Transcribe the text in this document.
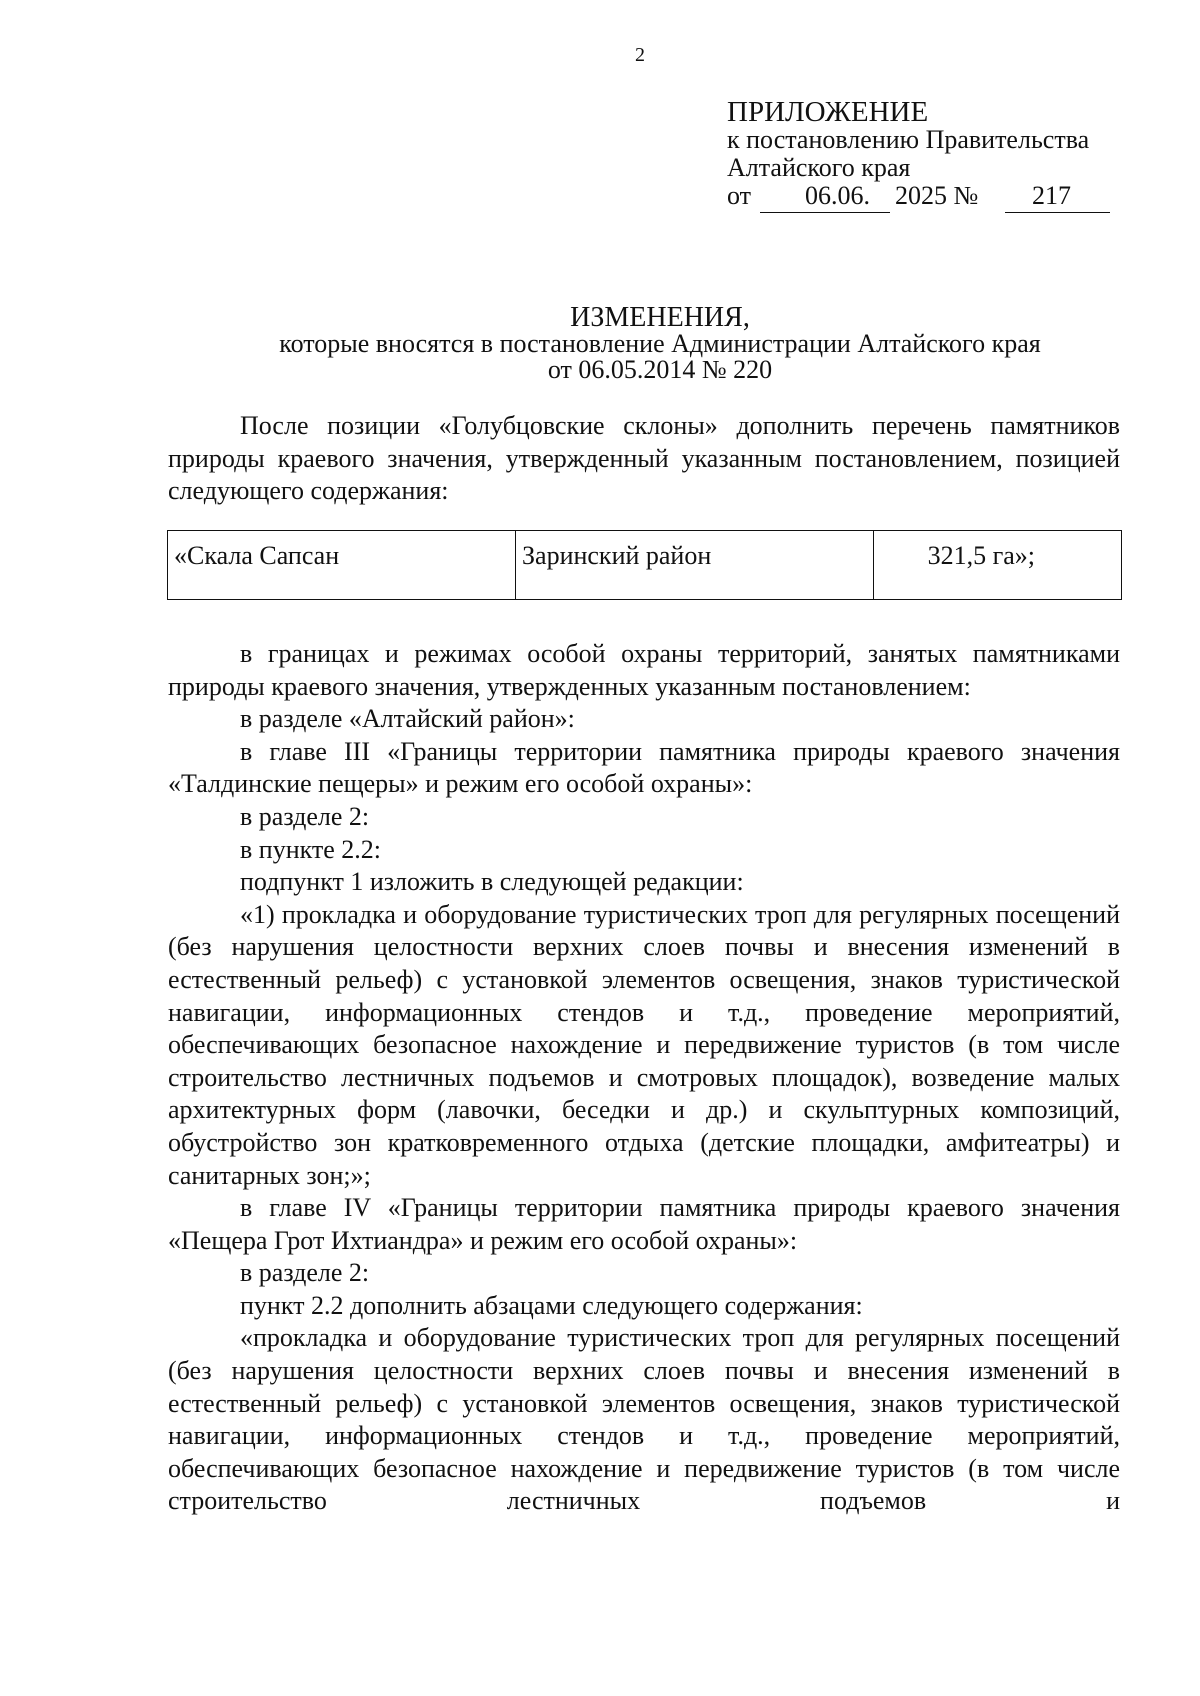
2
ПРИЛОЖЕНИЕ
к постановлению Правительства
Алтайского края
от 06.06. 2025 № 217
ИЗМЕНЕНИЯ,
которые вносятся в постановление Администрации Алтайского края
от 06.05.2014 № 220

После позиции «Голубцовские склоны» дополнить перечень памятников природы краевого значения, утвержденный указанным постановлением, позицией следующего содержания:

«Скала Сапсан	Заринский район	321,5 га»;

в границах и режимах особой охраны территорий, занятых памятниками природы краевого значения, утвержденных указанным постановлением:

в разделе «Алтайский район»:

в главе III «Границы территории памятника природы краевого значения «Талдинские пещеры» и режим его особой охраны»:

в разделе 2:

в пункте 2.2:

подпункт 1 изложить в следующей редакции:

«1) прокладка и оборудование туристических троп для регулярных посещений (без нарушения целостности верхних слоев почвы и внесения изменений в естественный рельеф) с установкой элементов освещения, знаков туристической навигации, информационных стендов и т.д., проведение мероприятий, обеспечивающих безопасное нахождение и передвижение туристов (в том числе строительство лестничных подъемов и смотровых площадок), возведение малых архитектурных форм (лавочки, беседки и др.) и скульптурных композиций, обустройство зон кратковременного отдыха (детские площадки, амфитеатры) и санитарных зон;»;

в главе IV «Границы территории памятника природы краевого значения «Пещера Грот Ихтиандра» и режим его особой охраны»:

в разделе 2:

пункт 2.2 дополнить абзацами следующего содержания:

«прокладка и оборудование туристических троп для регулярных посещений (без нарушения целостности верхних слоев почвы и внесения изменений в естественный рельеф) с установкой элементов освещения, знаков туристической навигации, информационных стендов и т.д., проведение мероприятий, обеспечивающих безопасное нахождение и передвижение туристов (в том числе строительство лестничных подъемов и
